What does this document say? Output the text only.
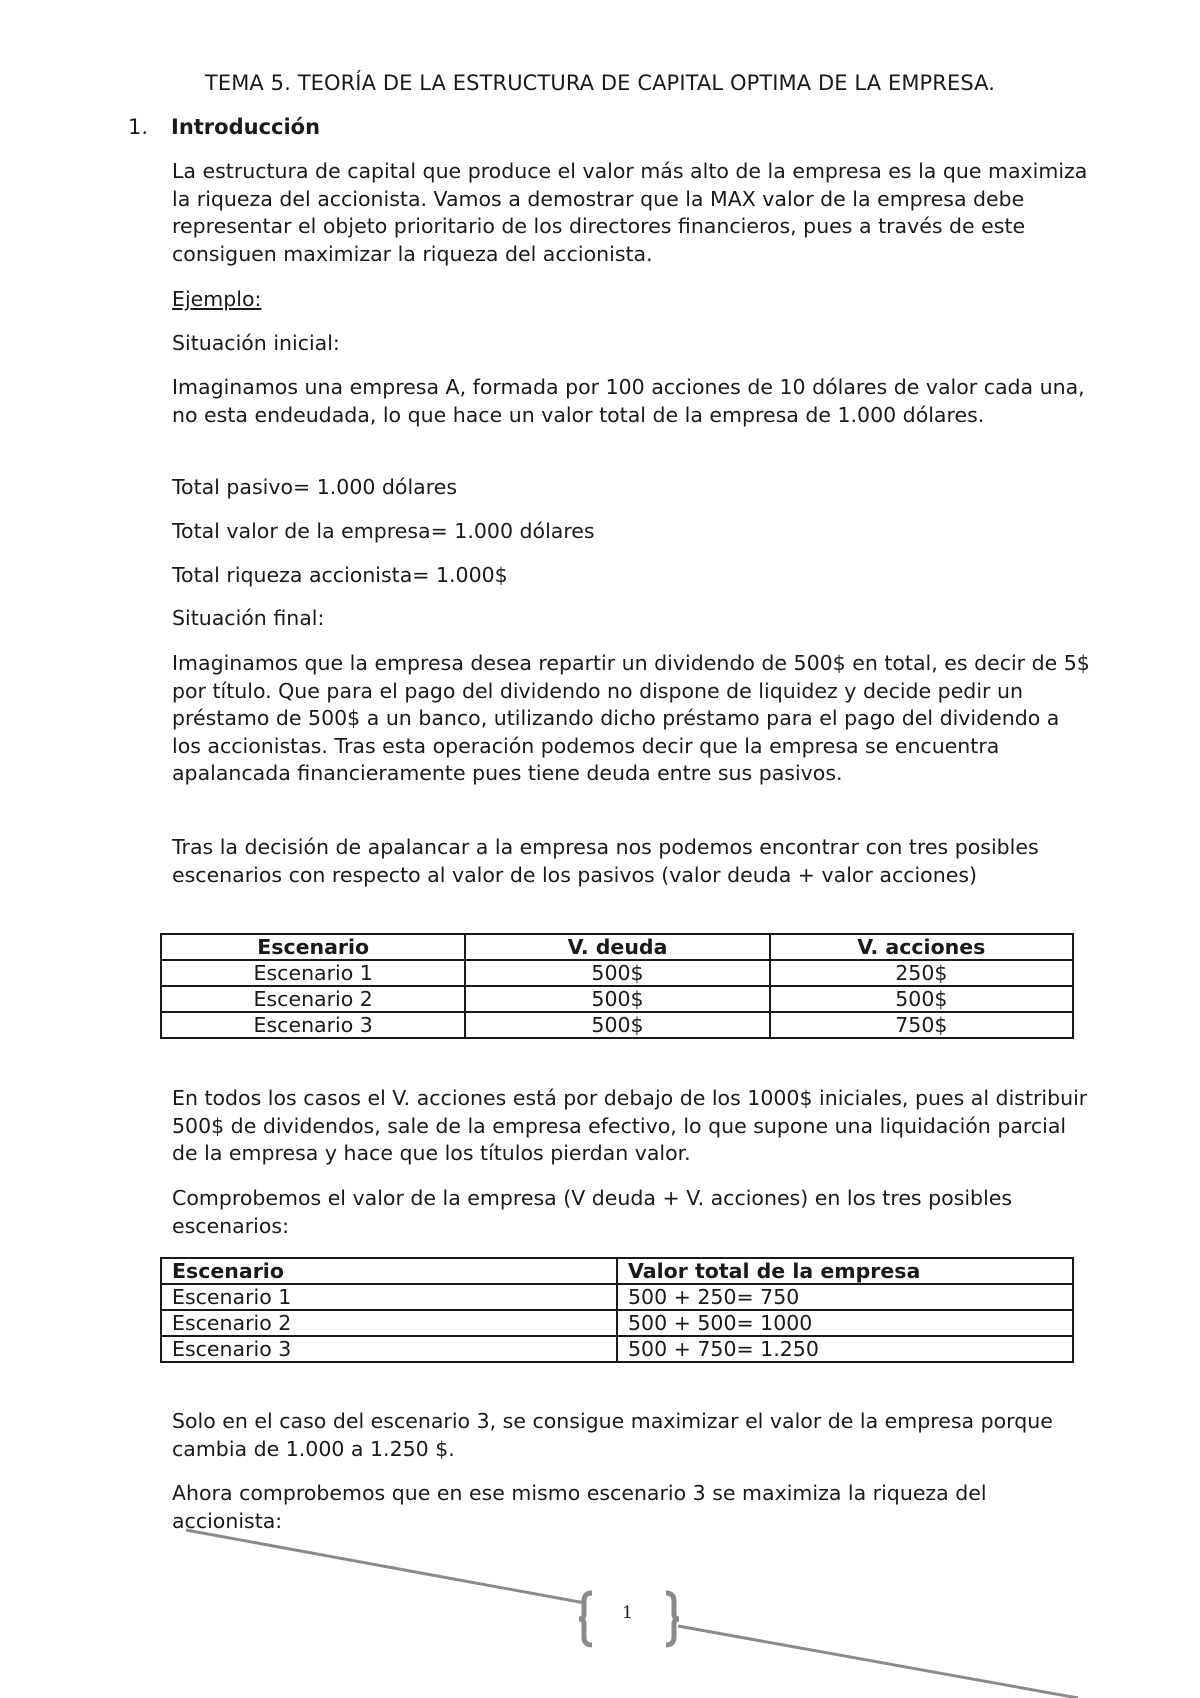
TEMA 5. TEORÍA DE LA ESTRUCTURA DE CAPITAL OPTIMA DE LA EMPRESA.
1. Introducción

La estructura de capital que produce el valor más alto de la empresa es la que maximiza la riqueza del accionista. Vamos a demostrar que la MAX valor de la empresa debe representar el objeto prioritario de los directores financieros, pues a través de este consiguen maximizar la riqueza del accionista.

Ejemplo:

Situación inicial:

Imaginamos una empresa A, formada por 100 acciones de 10 dólares de valor cada una, no esta endeudada, lo que hace un valor total de la empresa de 1.000 dólares.

Total pasivo= 1.000 dólares

Total valor de la empresa= 1.000 dólares

Total riqueza accionista= 1.000$

Situación final:

Imaginamos que la empresa desea repartir un dividendo de 500$ en total, es decir de 5$ por título. Que para el pago del dividendo no dispone de liquidez y decide pedir un préstamo de 500$ a un banco, utilizando dicho préstamo para el pago del dividendo a los accionistas. Tras esta operación podemos decir que la empresa se encuentra apalancada financieramente pues tiene deuda entre sus pasivos.

Tras la decisión de apalancar a la empresa nos podemos encontrar con tres posibles escenarios con respecto al valor de los pasivos (valor deuda + valor acciones)

Escenario	V. deuda	V. acciones
Escenario 1	500$	250$
Escenario 2	500$	500$
Escenario 3	500$	750$

En todos los casos el V. acciones está por debajo de los 1000$ iniciales, pues al distribuir 500$ de dividendos, sale de la empresa efectivo, lo que supone una liquidación parcial de la empresa y hace que los títulos pierdan valor.

Comprobemos el valor de la empresa (V deuda + V. acciones) en los tres posibles escenarios:

Escenario	Valor total de la empresa
Escenario 1	500 + 250= 750
Escenario 2	500 + 500= 1000
Escenario 3	500 + 750= 1.250

Solo en el caso del escenario 3, se consigue maximizar el valor de la empresa porque cambia de 1.000 a 1.250 $.

Ahora comprobemos que en ese mismo escenario 3 se maximiza la riqueza del accionista:

1
